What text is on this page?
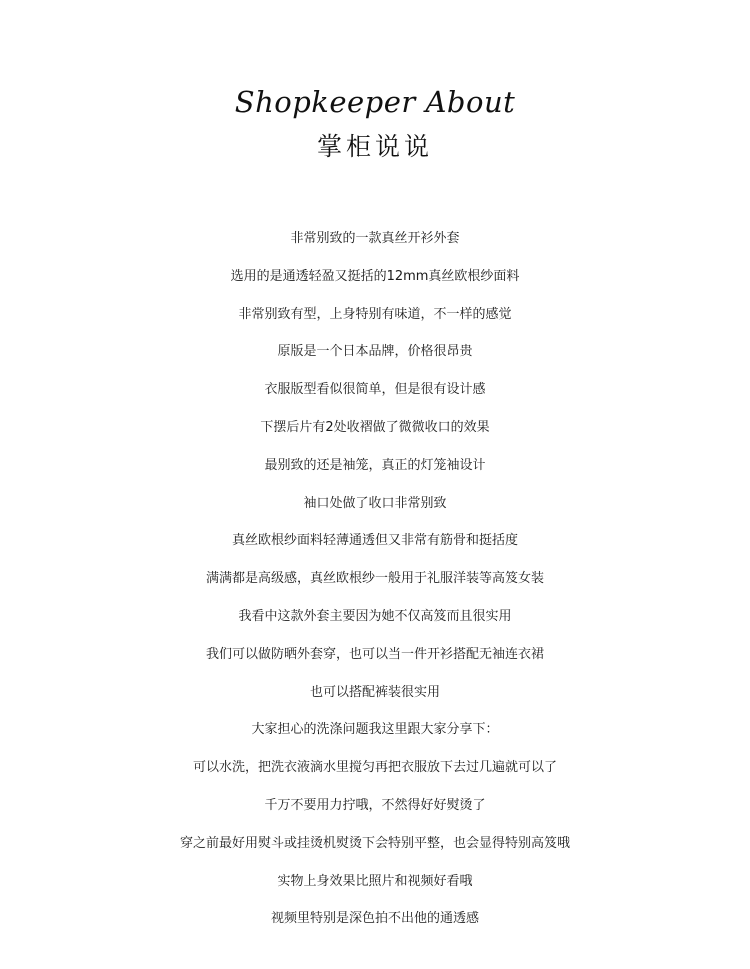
Shopkeeper About
掌柜说说
非常别致的一款真丝开衫外套
选用的是通透轻盈又挺括的12mm真丝欧根纱面料
非常别致有型，上身特别有味道，不一样的感觉
原版是一个日本品牌，价格很昂贵
衣服版型看似很简单，但是很有设计感
下摆后片有2处收褶做了微微收口的效果
最别致的还是袖笼，真正的灯笼袖设计
袖口处做了收口非常别致
真丝欧根纱面料轻薄通透但又非常有筋骨和挺括度
满满都是高级感，真丝欧根纱一般用于礼服洋装等高笈女装
我看中这款外套主要因为她不仅高笈而且很实用
我们可以做防晒外套穿，也可以当一件开衫搭配无袖连衣裙
也可以搭配裤装很实用
大家担心的洗涤问题我这里跟大家分享下：
可以水洗，把洗衣液滴水里搅匀再把衣服放下去过几遍就可以了
千万不要用力拧哦，不然得好好熨烫了
穿之前最好用熨斗或挂烫机熨烫下会特别平整，也会显得特别高笈哦
实物上身效果比照片和视频好看哦
视频里特别是深色拍不出他的通透感
